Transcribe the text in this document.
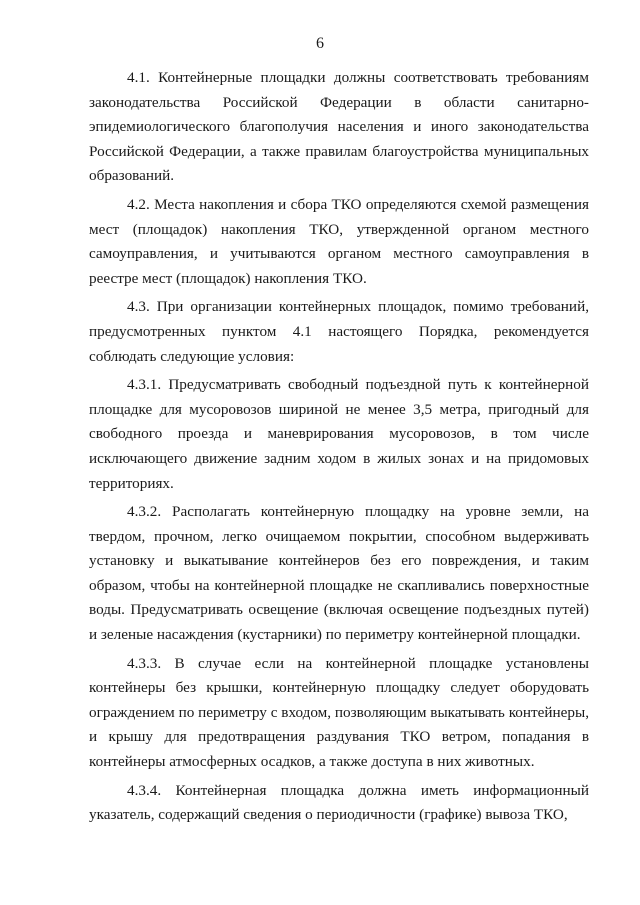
6

4.1. Контейнерные площадки должны соответствовать требованиям законодательства Российской Федерации в области санитарно-эпидемиологического благополучия населения и иного законодательства Российской Федерации, а также правилам благоустройства муниципальных образований.

4.2. Места накопления и сбора ТКО определяются схемой размещения мест (площадок) накопления ТКО, утвержденной органом местного самоуправления, и учитываются органом местного самоуправления в реестре мест (площадок) накопления ТКО.

4.3. При организации контейнерных площадок, помимо требований, предусмотренных пунктом 4.1 настоящего Порядка, рекомендуется соблюдать следующие условия:

4.3.1. Предусматривать свободный подъездной путь к контейнерной площадке для мусоровозов шириной не менее 3,5 метра, пригодный для свободного проезда и маневрирования мусоровозов, в том числе исключающего движение задним ходом в жилых зонах и на придомовых территориях.

4.3.2. Располагать контейнерную площадку на уровне земли, на твердом, прочном, легко очищаемом покрытии, способном выдерживать установку и выкатывание контейнеров без его повреждения, и таким образом, чтобы на контейнерной площадке не скапливались поверхностные воды. Предусматривать освещение (включая освещение подъездных путей) и зеленые насаждения (кустарники) по периметру контейнерной площадки.

4.3.3. В случае если на контейнерной площадке установлены контейнеры без крышки, контейнерную площадку следует оборудовать ограждением по периметру с входом, позволяющим выкатывать контейнеры, и крышу для предотвращения раздувания ТКО ветром, попадания в контейнеры атмосферных осадков, а также доступа в них животных.

4.3.4. Контейнерная площадка должна иметь информационный указатель, содержащий сведения о периодичности (графике) вывоза ТКО,
